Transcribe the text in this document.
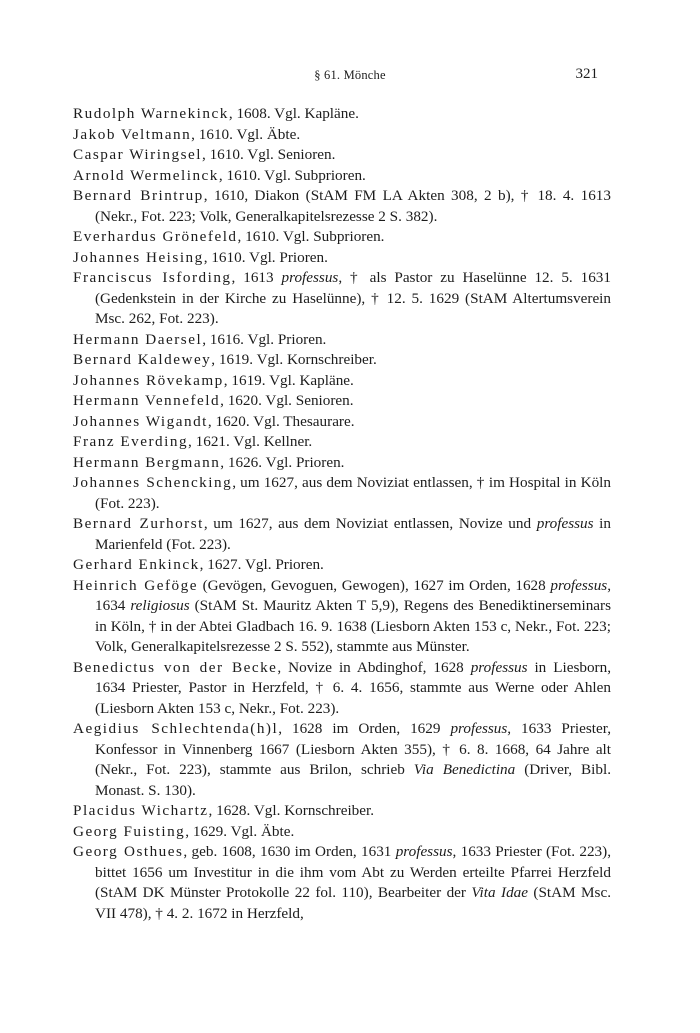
§ 61. Mönche	321

Rudolph Warnekinck, 1608. Vgl. Kapläne.

Jakob Veltmann, 1610. Vgl. Äbte.

Caspar Wiringsel, 1610. Vgl. Senioren.

Arnold Wermelinck, 1610. Vgl. Subprioren.

Bernard Brintrup, 1610, Diakon (StAM FM LA Akten 308, 2 b), † 18. 4. 1613 (Nekr., Fot. 223; Volk, Generalkapitelsrezesse 2 S. 382).

Everhardus Grönefeld, 1610. Vgl. Subprioren.

Johannes Heising, 1610. Vgl. Prioren.

Franciscus Isfording, 1613 professus, † als Pastor zu Haselünne 12. 5. 1631 (Gedenkstein in der Kirche zu Haselünne), † 12. 5. 1629 (StAM Altertumsverein Msc. 262, Fot. 223).

Hermann Daersel, 1616. Vgl. Prioren.

Bernard Kaldewey, 1619. Vgl. Kornschreiber.

Johannes Rövekamp, 1619. Vgl. Kapläne.

Hermann Vennefeld, 1620. Vgl. Senioren.

Johannes Wigandt, 1620. Vgl. Thesaurare.

Franz Everding, 1621. Vgl. Kellner.

Hermann Bergmann, 1626. Vgl. Prioren.

Johannes Schencking, um 1627, aus dem Noviziat entlassen, † im Hospital in Köln (Fot. 223).

Bernard Zurhorst, um 1627, aus dem Noviziat entlassen, Novize und professus in Marienfeld (Fot. 223).

Gerhard Enkinck, 1627. Vgl. Prioren.

Heinrich Geföge (Gevögen, Gevoguen, Gewogen), 1627 im Orden, 1628 professus, 1634 religiosus (StAM St. Mauritz Akten T 5,9), Regens des Benediktinerseminars in Köln, † in der Abtei Gladbach 16. 9. 1638 (Liesborn Akten 153 c, Nekr., Fot. 223; Volk, Generalkapitelsrezesse 2 S. 552), stammte aus Münster.

Benedictus von der Becke, Novize in Abdinghof, 1628 professus in Liesborn, 1634 Priester, Pastor in Herzfeld, † 6. 4. 1656, stammte aus Werne oder Ahlen (Liesborn Akten 153 c, Nekr., Fot. 223).

Aegidius Schlechtenda(h)l, 1628 im Orden, 1629 professus, 1633 Priester, Konfessor in Vinnenberg 1667 (Liesborn Akten 355), † 6. 8. 1668, 64 Jahre alt (Nekr., Fot. 223), stammte aus Brilon, schrieb Via Benedictina (Driver, Bibl. Monast. S. 130).

Placidus Wichartz, 1628. Vgl. Kornschreiber.

Georg Fuisting, 1629. Vgl. Äbte.

Georg Osthues, geb. 1608, 1630 im Orden, 1631 professus, 1633 Priester (Fot. 223), bittet 1656 um Investitur in die ihm vom Abt zu Werden erteilte Pfarrei Herzfeld (StAM DK Münster Protokolle 22 fol. 110), Bearbeiter der Vita Idae (StAM Msc. VII 478), † 4. 2. 1672 in Herzfeld,
